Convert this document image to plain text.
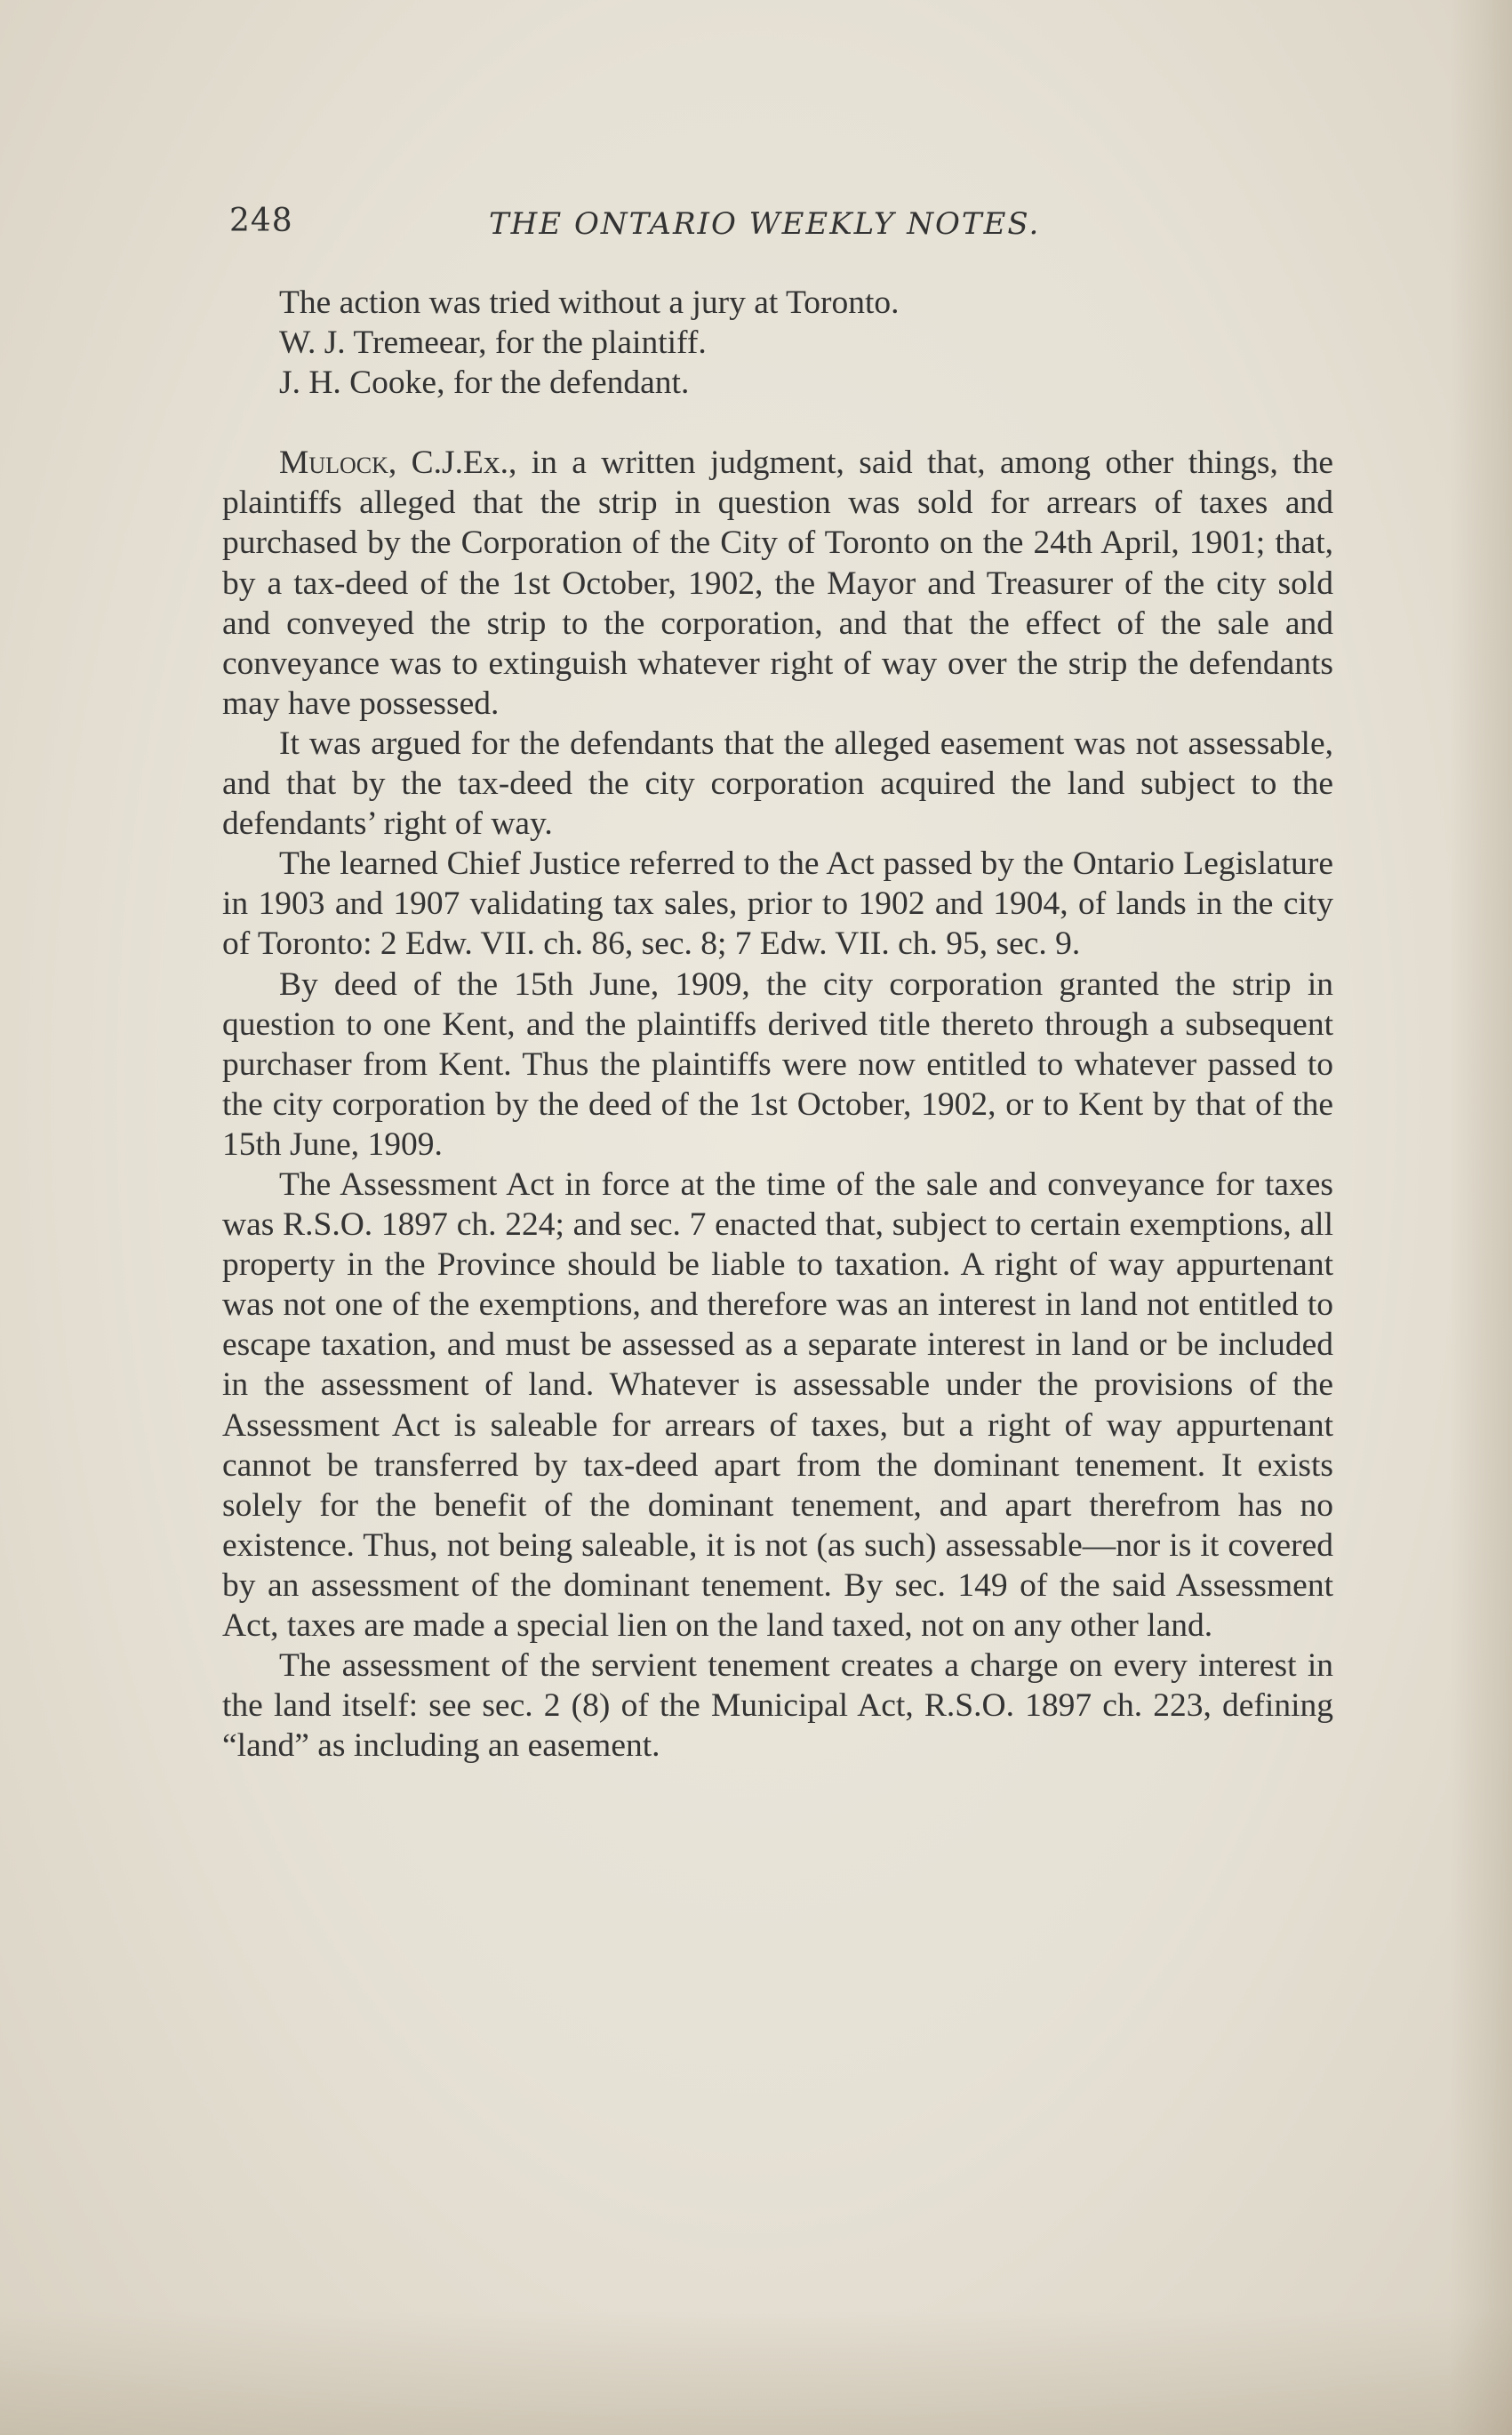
248	THE ONTARIO WEEKLY NOTES.

The action was tried without a jury at Toronto.

W. J. Tremeear, for the plaintiff.

J. H. Cooke, for the defendant.

Mulock, C.J.Ex., in a written judgment, said that, among other things, the plaintiffs alleged that the strip in question was sold for arrears of taxes and purchased by the Corporation of the City of Toronto on the 24th April, 1901; that, by a tax-deed of the 1st October, 1902, the Mayor and Treasurer of the city sold and conveyed the strip to the corporation, and that the effect of the sale and conveyance was to extinguish whatever right of way over the strip the defendants may have possessed.

It was argued for the defendants that the alleged easement was not assessable, and that by the tax-deed the city corporation acquired the land subject to the defendants’ right of way.

The learned Chief Justice referred to the Act passed by the Ontario Legislature in 1903 and 1907 validating tax sales, prior to 1902 and 1904, of lands in the city of Toronto: 2 Edw. VII. ch. 86, sec. 8; 7 Edw. VII. ch. 95, sec. 9.

By deed of the 15th June, 1909, the city corporation granted the strip in question to one Kent, and the plaintiffs derived title thereto through a subsequent purchaser from Kent. Thus the plaintiffs were now entitled to whatever passed to the city corporation by the deed of the 1st October, 1902, or to Kent by that of the 15th June, 1909.

The Assessment Act in force at the time of the sale and conveyance for taxes was R.S.O. 1897 ch. 224; and sec. 7 enacted that, subject to certain exemptions, all property in the Province should be liable to taxation. A right of way appurtenant was not one of the exemptions, and therefore was an interest in land not entitled to escape taxation, and must be assessed as a separate interest in land or be included in the assessment of land. Whatever is assessable under the provisions of the Assessment Act is saleable for arrears of taxes, but a right of way appurtenant cannot be transferred by tax-deed apart from the dominant tenement. It exists solely for the benefit of the dominant tenement, and apart therefrom has no existence. Thus, not being saleable, it is not (as such) assessable—nor is it covered by an assessment of the dominant tenement. By sec. 149 of the said Assessment Act, taxes are made a special lien on the land taxed, not on any other land.

The assessment of the servient tenement creates a charge on every interest in the land itself: see sec. 2 (8) of the Municipal Act, R.S.O. 1897 ch. 223, defining “land” as including an easement.
